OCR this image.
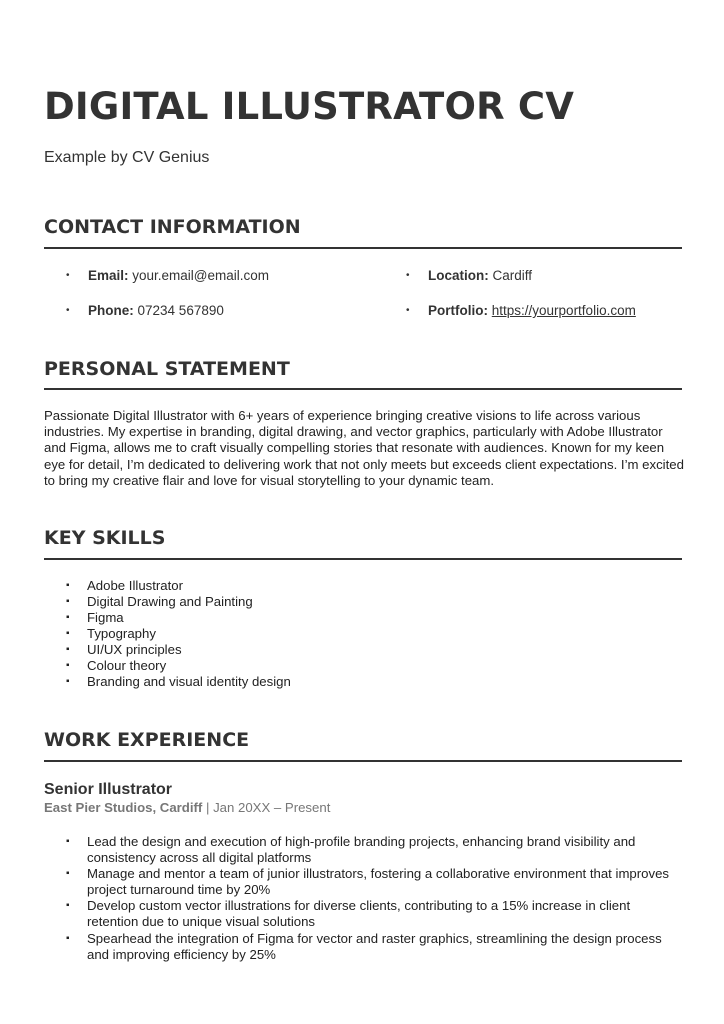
DIGITAL ILLUSTRATOR CV
Example by CV Genius
CONTACT INFORMATION
• Email: your.email@email.com	• Location: Cardiff
• Phone: 07234 567890	• Portfolio: https://yourportfolio.com
PERSONAL STATEMENT

Passionate Digital Illustrator with 6+ years of experience bringing creative visions to life across various industries. My expertise in branding, digital drawing, and vector graphics, particularly with Adobe Illustrator and Figma, allows me to craft visually compelling stories that resonate with audiences. Known for my keen eye for detail, I’m dedicated to delivering work that not only meets but exceeds client expectations. I’m excited to bring my creative flair and love for visual storytelling to your dynamic team.

KEY SKILLS
▪ Adobe Illustrator
▪ Digital Drawing and Painting
▪ Figma
▪ Typography
▪ UI/UX principles
▪ Colour theory
▪ Branding and visual identity design
WORK EXPERIENCE
Senior Illustrator
East Pier Studios, Cardiff | Jan 20XX – Present
▪ Lead the design and execution of high-profile branding projects, enhancing brand visibility and consistency across all digital platforms
▪ Manage and mentor a team of junior illustrators, fostering a collaborative environment that improves project turnaround time by 20%
▪ Develop custom vector illustrations for diverse clients, contributing to a 15% increase in client retention due to unique visual solutions
▪ Spearhead the integration of Figma for vector and raster graphics, streamlining the design process and improving efficiency by 25%
